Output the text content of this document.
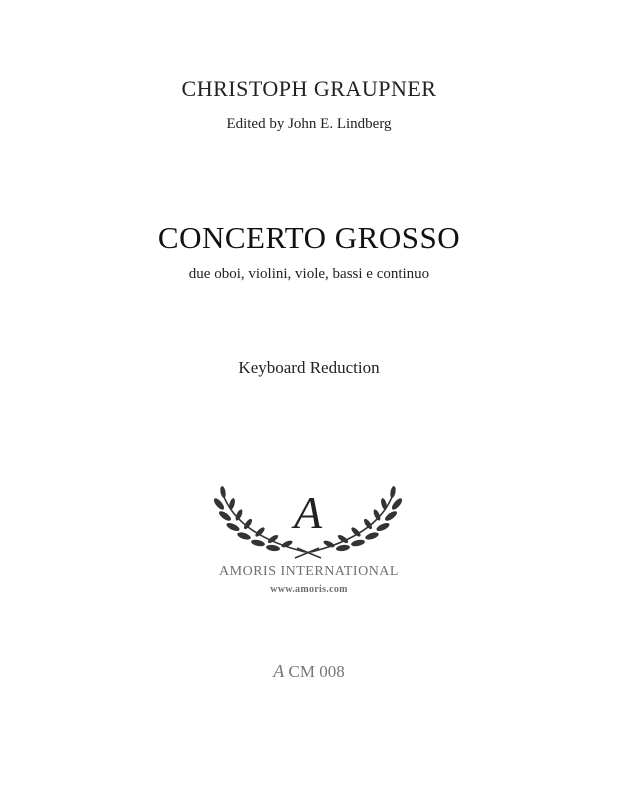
CHRISTOPH GRAUPNER
Edited by John E. Lindberg
CONCERTO GROSSO
due oboi, violini, viole, bassi e continuo
Keyboard Reduction
A
AMORIS INTERNATIONAL
www.amoris.com
A CM 008
